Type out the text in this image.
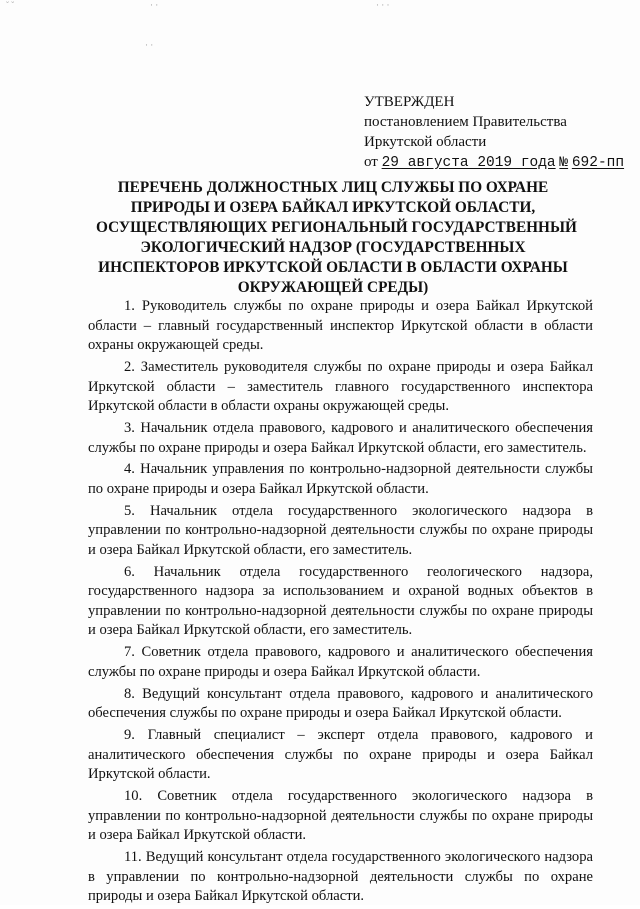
˘ ˘	· ·	· · ·
· ·
УТВЕРЖДЕН
постановлением Правительства
Иркутской области
от 29 августа 2019 года № 692-пп
ПЕРЕЧЕНЬ ДОЛЖНОСТНЫХ ЛИЦ СЛУЖБЫ ПО ОХРАНЕ
ПРИРОДЫ И ОЗЕРА БАЙКАЛ ИРКУТСКОЙ ОБЛАСТИ,
ОСУЩЕСТВЛЯЮЩИХ РЕГИОНАЛЬНЫЙ ГОСУДАРСТВЕННЫЙ
ЭКОЛОГИЧЕСКИЙ НАДЗОР (ГОСУДАРСТВЕННЫХ
ИНСПЕКТОРОВ ИРКУТСКОЙ ОБЛАСТИ В ОБЛАСТИ ОХРАНЫ
ОКРУЖАЮЩЕЙ СРЕДЫ)

1. Руководитель службы по охране природы и озера Байкал Иркутской области – главный государственный инспектор Иркутской области в области охраны окружающей среды.

2. Заместитель руководителя службы по охране природы и озера Байкал Иркутской области – заместитель главного государственного инспектора Иркутской области в области охраны окружающей среды.

3. Начальник отдела правового, кадрового и аналитического обеспечения службы по охране природы и озера Байкал Иркутской области, его заместитель.

4. Начальник управления по контрольно-надзорной деятельности службы по охране природы и озера Байкал Иркутской области.

5. Начальник отдела государственного экологического надзора в управлении по контрольно-надзорной деятельности службы по охране природы и озера Байкал Иркутской области, его заместитель.

6. Начальник отдела государственного геологического надзора, государственного надзора за использованием и охраной водных объектов в управлении по контрольно-надзорной деятельности службы по охране природы и озера Байкал Иркутской области, его заместитель.

7. Советник отдела правового, кадрового и аналитического обеспечения службы по охране природы и озера Байкал Иркутской области.

8. Ведущий консультант отдела правового, кадрового и аналитического обеспечения службы по охране природы и озера Байкал Иркутской области.

9. Главный специалист – эксперт отдела правового, кадрового и аналитического обеспечения службы по охране природы и озера Байкал Иркутской области.

10. Советник отдела государственного экологического надзора в управлении по контрольно-надзорной деятельности службы по охране природы и озера Байкал Иркутской области.

11. Ведущий консультант отдела государственного экологического надзора в управлении по контрольно-надзорной деятельности службы по охране природы и озера Байкал Иркутской области.
